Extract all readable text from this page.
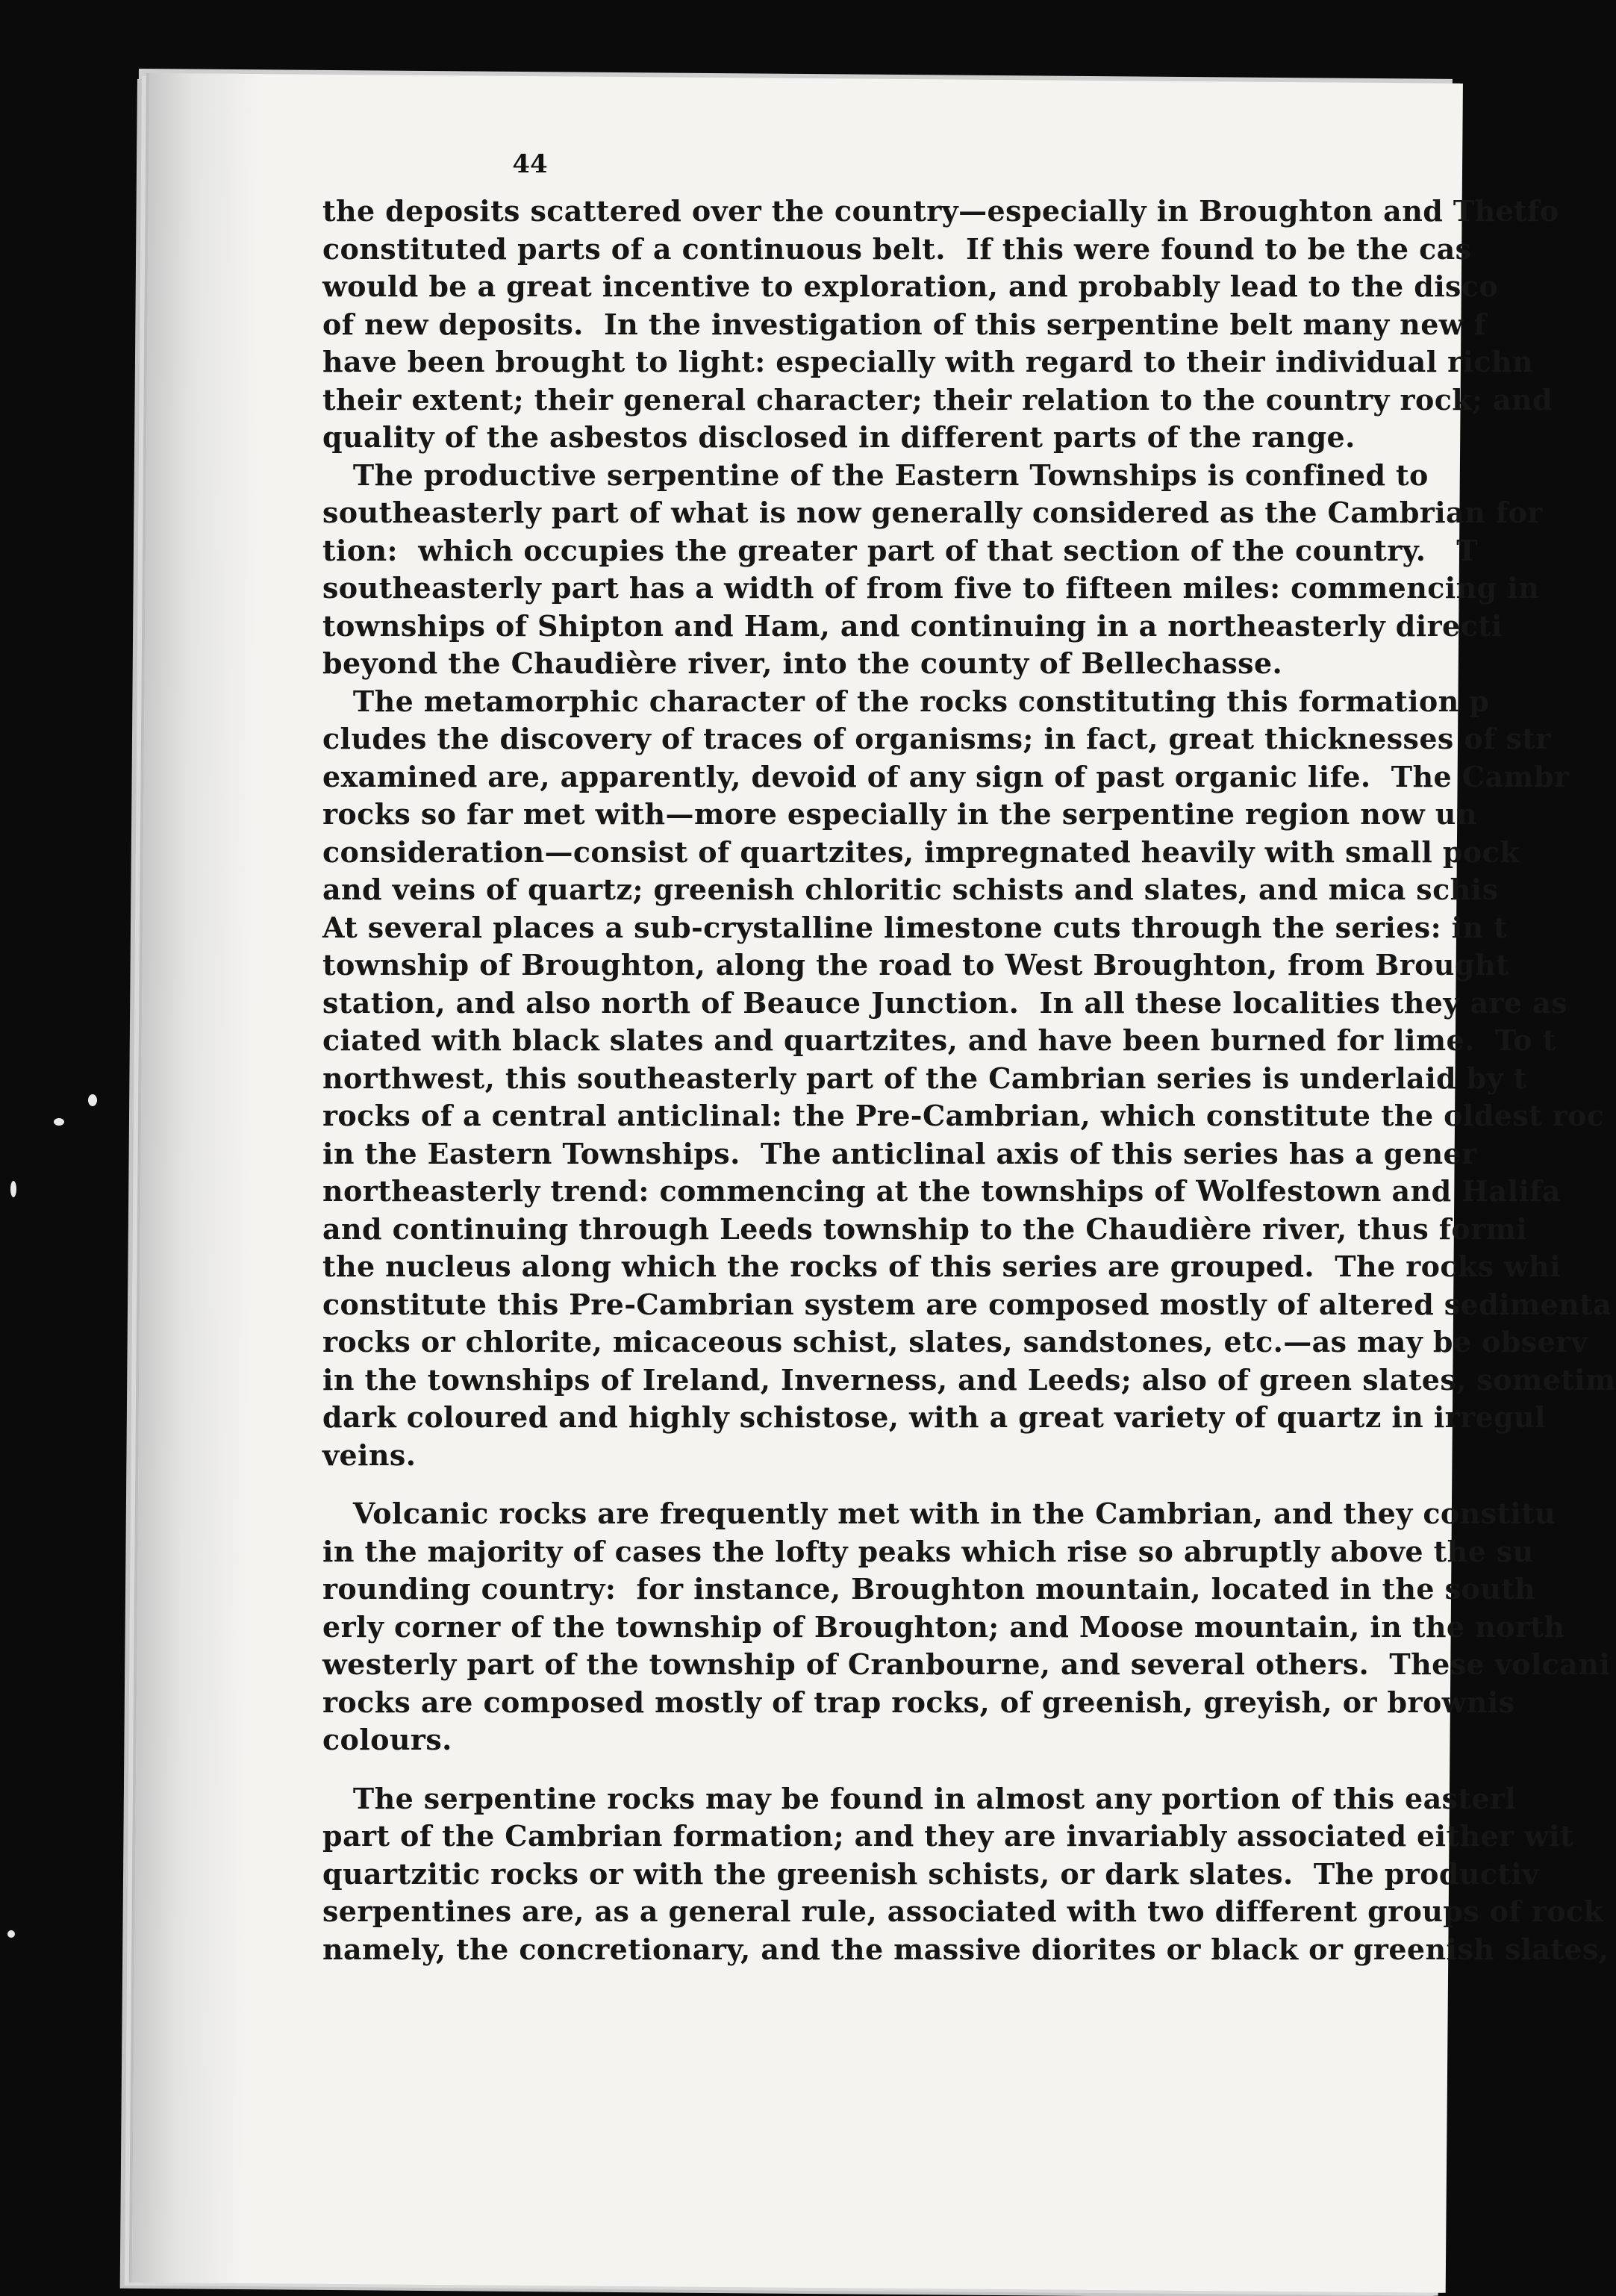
44
the deposits scattered over the country—especially in Broughton and Thetfo
constituted parts of a continuous belt.  If this were found to be the cas
would be a great incentive to exploration, and probably lead to the disco
of new deposits.  In the investigation of this serpentine belt many new f
have been brought to light: especially with regard to their individual richn
their extent; their general character; their relation to the country rock; and
quality of the asbestos disclosed in different parts of the range.
The productive serpentine of the Eastern Townships is confined to
southeasterly part of what is now generally considered as the Cambrian for
tion:  which occupies the greater part of that section of the country.   T
southeasterly part has a width of from five to fifteen miles: commencing in
townships of Shipton and Ham, and continuing in a northeasterly directi
beyond the Chaudière river, into the county of Bellechasse.
The metamorphic character of the rocks constituting this formation p
cludes the discovery of traces of organisms; in fact, great thicknesses of str
examined are, apparently, devoid of any sign of past organic life.  The Cambr
rocks so far met with—more especially in the serpentine region now un
consideration—consist of quartzites, impregnated heavily with small pock
and veins of quartz; greenish chloritic schists and slates, and mica schis
At several places a sub-crystalline limestone cuts through the series: in t
township of Broughton, along the road to West Broughton, from Brought
station, and also north of Beauce Junction.  In all these localities they are as
ciated with black slates and quartzites, and have been burned for lime.  To t
northwest, this southeasterly part of the Cambrian series is underlaid by t
rocks of a central anticlinal: the Pre-Cambrian, which constitute the oldest roc
in the Eastern Townships.  The anticlinal axis of this series has a gener
northeasterly trend: commencing at the townships of Wolfestown and Halifa
and continuing through Leeds township to the Chaudière river, thus formi
the nucleus along which the rocks of this series are grouped.  The rocks whi
constitute this Pre-Cambrian system are composed mostly of altered sedimenta
rocks or chlorite, micaceous schist, slates, sandstones, etc.—as may be observ
in the townships of Ireland, Inverness, and Leeds; also of green slates, sometim
dark coloured and highly schistose, with a great variety of quartz in irregul
veins.
Volcanic rocks are frequently met with in the Cambrian, and they constitu
in the majority of cases the lofty peaks which rise so abruptly above the su
rounding country:  for instance, Broughton mountain, located in the south
erly corner of the township of Broughton; and Moose mountain, in the north
westerly part of the township of Cranbourne, and several others.  These volcani
rocks are composed mostly of trap rocks, of greenish, greyish, or brownis
colours.
The serpentine rocks may be found in almost any portion of this easterl
part of the Cambrian formation; and they are invariably associated either wit
quartzitic rocks or with the greenish schists, or dark slates.  The productiv
serpentines are, as a general rule, associated with two different groups of rock
namely, the concretionary, and the massive diorites or black or greenish slates,
